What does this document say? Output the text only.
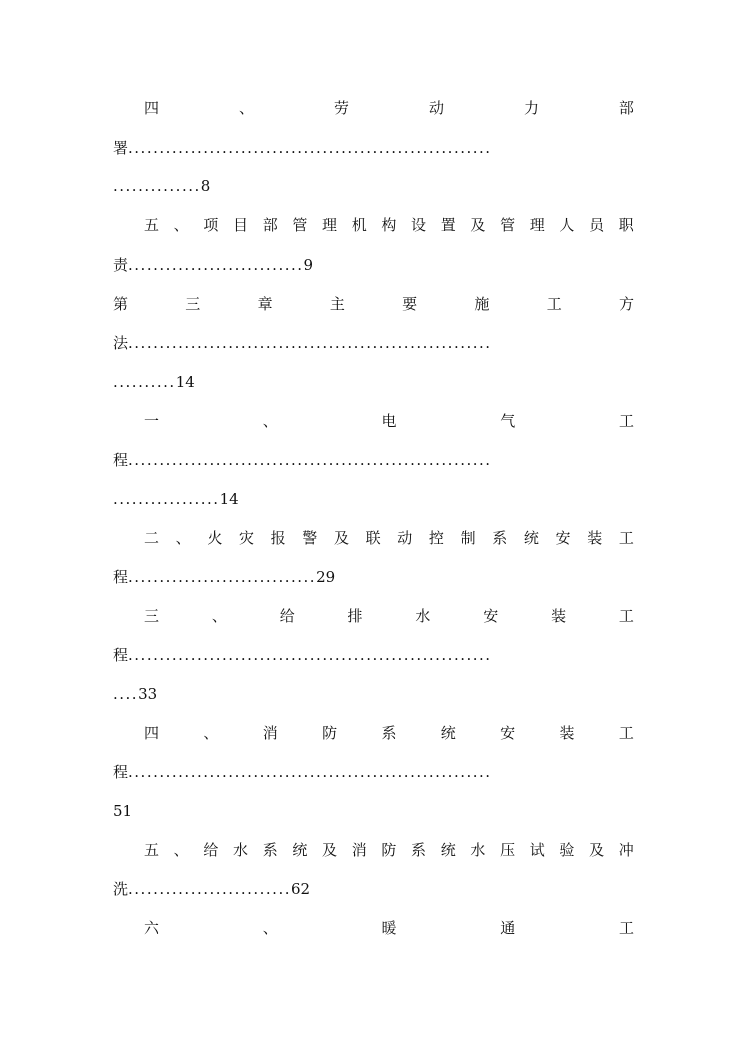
四	、	劳	动	力	部
署..........................................................
..............8
五 、 项 目 部 管 理 机 构 设 置 及 管 理 人 员 职
责............................9
第	三	章	主	要	施	工	方
法..........................................................
..........14
一	、	电	气	工
程..........................................................
.................14
二 、 火 灾 报 警 及 联 动 控 制 系 统 安 装 工
程..............................29
三	、	给	排	水	安	装	工
程..........................................................
....33
四	、	消	防	系	统	安	装	工
程..........................................................
51
五 、 给 水 系 统 及 消 防 系 统 水 压 试 验 及 冲
洗..........................62
六	、	暖	通	工
